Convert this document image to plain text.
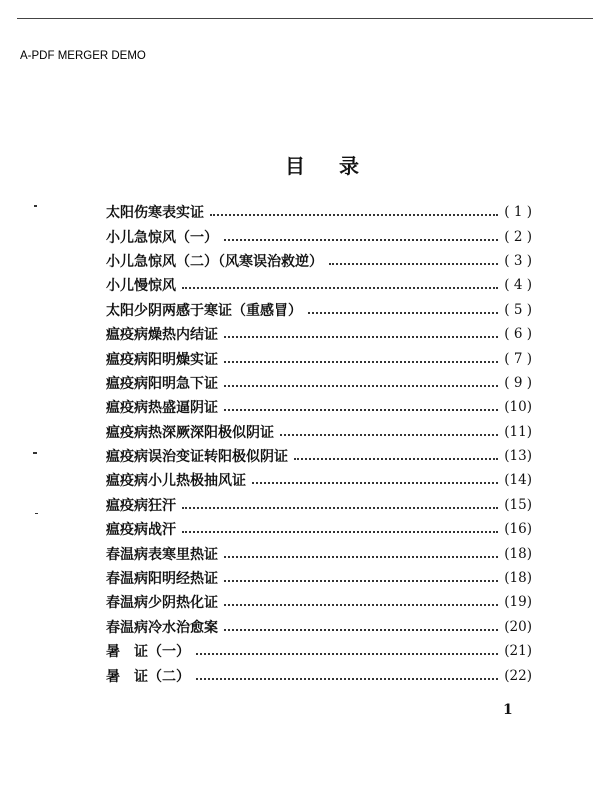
A-PDF MERGER DEMO
目录
太阳伤寒表实证	( 1 )
小儿急惊风（一）	( 2 )
小儿急惊风（二）（风寒误治救逆）	( 3 )
小儿慢惊风	( 4 )
太阳少阴两感于寒证（重感冒）	( 5 )
瘟疫病燥热内结证	( 6 )
瘟疫病阳明燥实证	( 7 )
瘟疫病阳明急下证	( 9 )
瘟疫病热盛逼阴证	(10)
瘟疫病热深厥深阳极似阴证	(11)
瘟疫病误治变证转阳极似阴证	(13)
瘟疫病小儿热极抽风证	(14)
瘟疫病狂汗	(15)
瘟疫病战汗	(16)
春温病表寒里热证	(18)
春温病阳明经热证	(18)
春温病少阴热化证	(19)
春温病冷水治愈案	(20)
暑　证（一）	(21)
暑　证（二）	(22)
1
